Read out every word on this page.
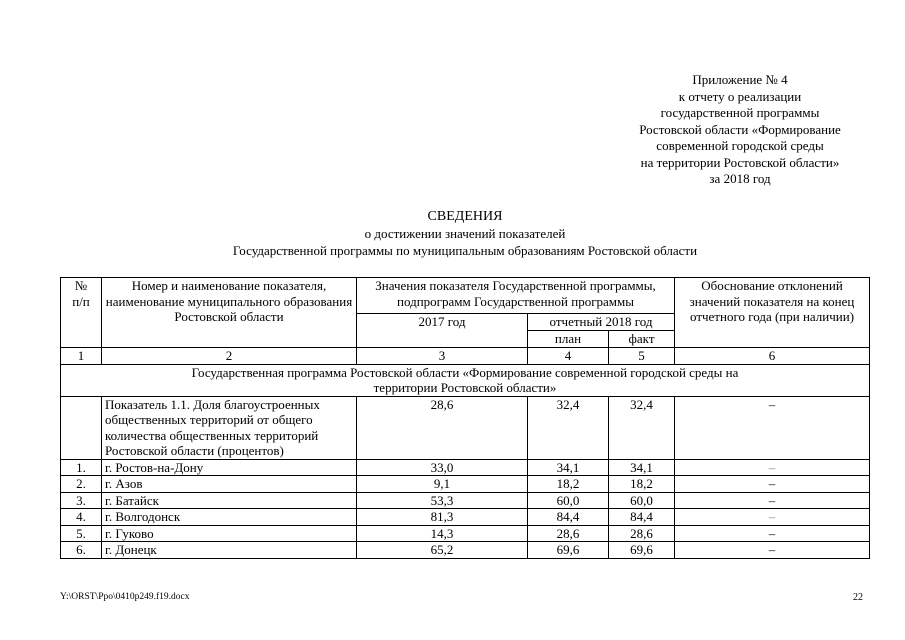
Приложение № 4
к отчету о реализации
государственной программы
Ростовской области «Формирование
современной городской среды
на территории Ростовской области»
за 2018 год
СВЕДЕНИЯ
о достижении значений показателей
Государственной программы по муниципальным образованиям Ростовской области
№
п/п	Номер и наименование показателя, наименование муниципального образования Ростовской области	Значения показателя Государственной программы, подпрограмм Государственной программы			Обоснование отклонений значений показателя на конец отчетного года (при наличии)
		2017 год	отчетный 2018 год		
			план	факт	
1	2	3	4	5	6
Государственная программа Ростовской области «Формирование современной городской среды на территории Ростовской области»					
	Показатель 1.1. Доля благоустроенных общественных территорий от общего количества общественных территорий Ростовской области (процентов)	28,6	32,4	32,4	–
1.	г. Ростов-на-Дону	33,0	34,1	34,1	–
2.	г. Азов	9,1	18,2	18,2	–
3.	г. Батайск	53,3	60,0	60,0	–
4.	г. Волгодонск	81,3	84,4	84,4	–
5.	г. Гуково	14,3	28,6	28,6	–
6.	г. Донецк	65,2	69,6	69,6	–
Y:\ORST\Ppo\0410p249.f19.docx	22
